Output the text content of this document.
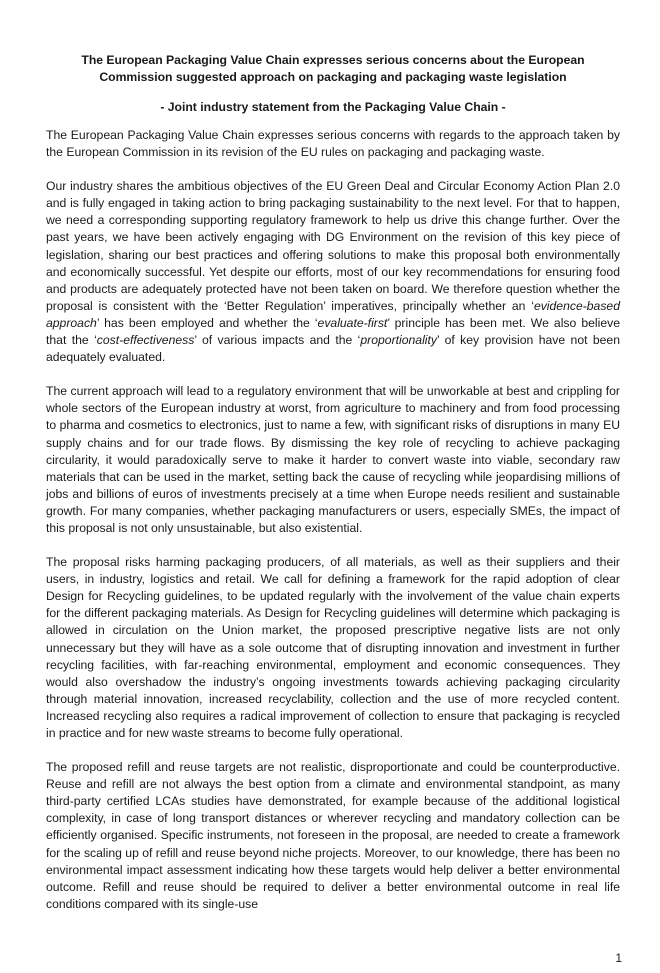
The European Packaging Value Chain expresses serious concerns about the European Commission suggested approach on packaging and packaging waste legislation
- Joint industry statement from the Packaging Value Chain -

The European Packaging Value Chain expresses serious concerns with regards to the approach taken by the European Commission in its revision of the EU rules on packaging and packaging waste.

Our industry shares the ambitious objectives of the EU Green Deal and Circular Economy Action Plan 2.0 and is fully engaged in taking action to bring packaging sustainability to the next level. For that to happen, we need a corresponding supporting regulatory framework to help us drive this change further. Over the past years, we have been actively engaging with DG Environment on the revision of this key piece of legislation, sharing our best practices and offering solutions to make this proposal both environmentally and economically successful. Yet despite our efforts, most of our key recommendations for ensuring food and products are adequately protected have not been taken on board. We therefore question whether the proposal is consistent with the ‘Better Regulation’ imperatives, principally whether an ‘evidence-based approach’ has been employed and whether the ‘evaluate-first’ principle has been met. We also believe that the ‘cost-effectiveness’ of various impacts and the ‘proportionality’ of key provision have not been adequately evaluated.

The current approach will lead to a regulatory environment that will be unworkable at best and crippling for whole sectors of the European industry at worst, from agriculture to machinery and from food processing to pharma and cosmetics to electronics, just to name a few, with significant risks of disruptions in many EU supply chains and for our trade flows. By dismissing the key role of recycling to achieve packaging circularity, it would paradoxically serve to make it harder to convert waste into viable, secondary raw materials that can be used in the market, setting back the cause of recycling while jeopardising millions of jobs and billions of euros of investments precisely at a time when Europe needs resilient and sustainable growth. For many companies, whether packaging manufacturers or users, especially SMEs, the impact of this proposal is not only unsustainable, but also existential.

The proposal risks harming packaging producers, of all materials, as well as their suppliers and their users, in industry, logistics and retail. We call for defining a framework for the rapid adoption of clear Design for Recycling guidelines, to be updated regularly with the involvement of the value chain experts for the different packaging materials. As Design for Recycling guidelines will determine which packaging is allowed in circulation on the Union market, the proposed prescriptive negative lists are not only unnecessary but they will have as a sole outcome that of disrupting innovation and investment in further recycling facilities, with far-reaching environmental, employment and economic consequences. They would also overshadow the industry’s ongoing investments towards achieving packaging circularity through material innovation, increased recyclability, collection and the use of more recycled content. Increased recycling also requires a radical improvement of collection to ensure that packaging is recycled in practice and for new waste streams to become fully operational.

The proposed refill and reuse targets are not realistic, disproportionate and could be counterproductive. Reuse and refill are not always the best option from a climate and environmental standpoint, as many third-party certified LCAs studies have demonstrated, for example because of the additional logistical complexity, in case of long transport distances or wherever recycling and mandatory collection can be efficiently organised. Specific instruments, not foreseen in the proposal, are needed to create a framework for the scaling up of refill and reuse beyond niche projects. Moreover, to our knowledge, there has been no environmental impact assessment indicating how these targets would help deliver a better environmental outcome. Refill and reuse should be required to deliver a better environmental outcome in real life conditions compared with its single-use

1
